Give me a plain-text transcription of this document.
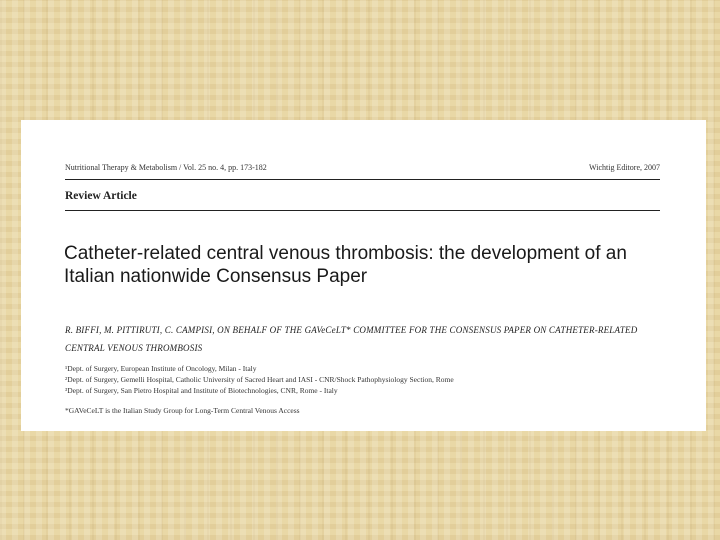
Nutritional Therapy & Metabolism / Vol. 25 no. 4, pp. 173-182	Wichtig Editore, 2007
Review Article
Catheter-related central venous thrombosis: the development of an Italian nationwide Consensus Paper
R. BIFFI, M. PITTIRUTI, C. CAMPISI, ON BEHALF OF THE GAVeCeLT* COMMITTEE FOR THE CONSENSUS PAPER ON CATHETER-RELATED CENTRAL VENOUS THROMBOSIS
¹Dept. of Surgery, European Institute of Oncology, Milan - Italy
²Dept. of Surgery, Gemelli Hospital, Catholic University of Sacred Heart and IASI - CNR/Shock Pathophysiology Section, Rome
³Dept. of Surgery, San Pietro Hospital and Institute of Biotechnologies, CNR, Rome - Italy
*GAVeCeLT is the Italian Study Group for Long-Term Central Venous Access
